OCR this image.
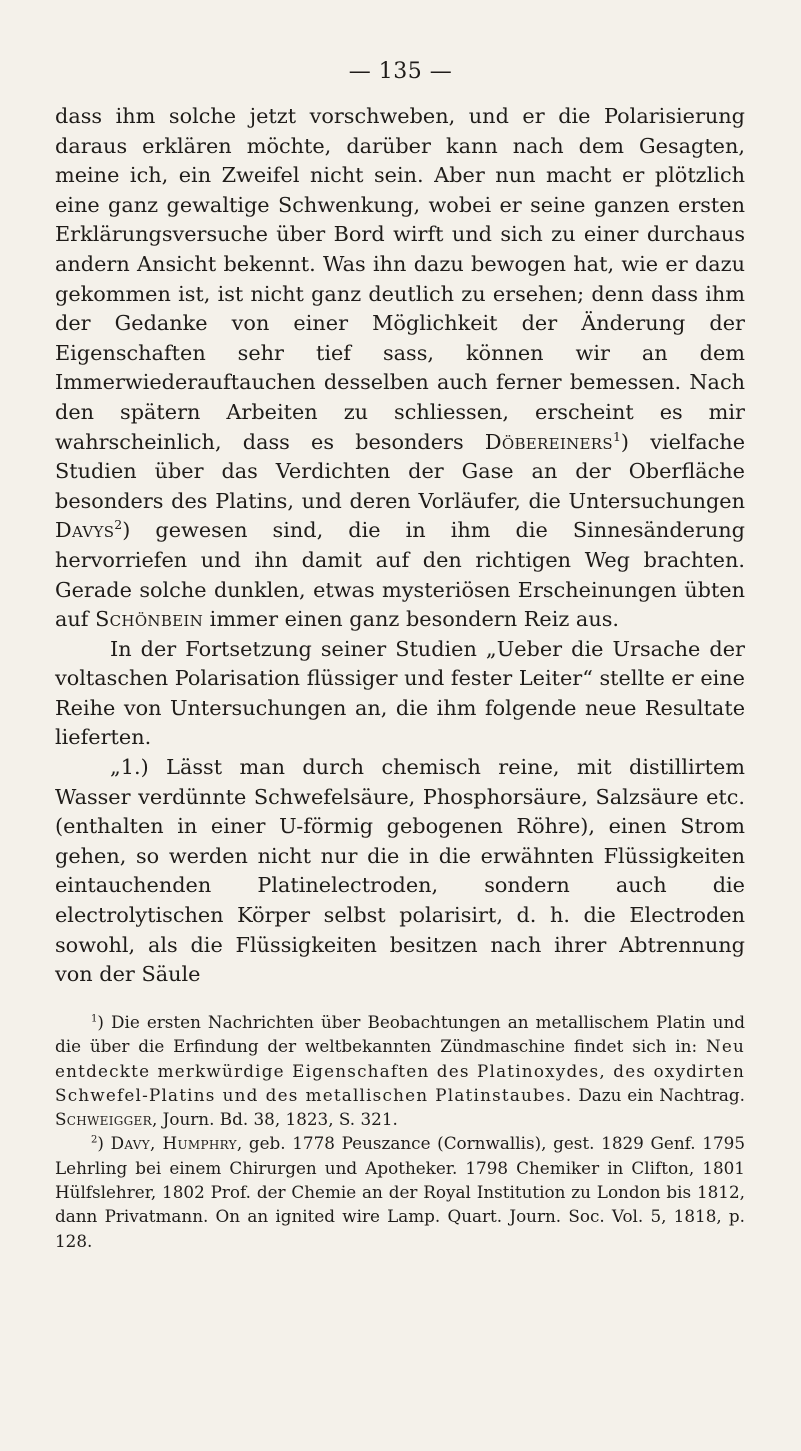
— 135 —

dass ihm solche jetzt vorschweben, und er die Polarisierung daraus erklären möchte, darüber kann nach dem Gesagten, meine ich, ein Zweifel nicht sein. Aber nun macht er plötzlich eine ganz gewaltige Schwenkung, wobei er seine ganzen ersten Erklärungsversuche über Bord wirft und sich zu einer durchaus andern Ansicht bekennt. Was ihn dazu bewogen hat, wie er dazu gekommen ist, ist nicht ganz deutlich zu ersehen; denn dass ihm der Gedanke von einer Möglichkeit der Änderung der Eigenschaften sehr tief sass, können wir an dem Immerwiederauftauchen desselben auch ferner bemessen. Nach den spätern Arbeiten zu schliessen, erscheint es mir wahrscheinlich, dass es besonders Döbereiners$^1$) vielfache Studien über das Verdichten der Gase an der Oberfläche besonders des Platins, und deren Vorläufer, die Untersuchungen Davys$^2$) gewesen sind, die in ihm die Sinnesänderung hervorriefen und ihn damit auf den richtigen Weg brachten. Gerade solche dunklen, etwas mysteriösen Erscheinungen übten auf Schönbein immer einen ganz besondern Reiz aus.

In der Fortsetzung seiner Studien „Ueber die Ursache der voltaschen Polarisation flüssiger und fester Leiter“ stellte er eine Reihe von Untersuchungen an, die ihm folgende neue Resultate lieferten.

„1.) Lässt man durch chemisch reine, mit distillirtem Wasser verdünnte Schwefelsäure, Phosphorsäure, Salzsäure etc. (enthalten in einer U-förmig gebogenen Röhre), einen Strom gehen, so werden nicht nur die in die erwähnten Flüssigkeiten eintauchenden Platinelectroden, sondern auch die electrolytischen Körper selbst polarisirt, d. h. die Electroden sowohl, als die Flüssigkeiten besitzen nach ihrer Abtrennung von der Säule

$^1$) Die ersten Nachrichten über Beobachtungen an metallischem Platin und die über die Erfindung der weltbekannten Zündmaschine findet sich in: Neu entdeckte merkwürdige Eigenschaften des Platinoxydes, des oxydirten Schwefel-Platins und des metallischen Platinstaubes. Dazu ein Nachtrag. Schweigger, Journ. Bd. 38, 1823, S. 321.

$^2$) Davy, Humphry, geb. 1778 Peuszance (Cornwallis), gest. 1829 Genf. 1795 Lehrling bei einem Chirurgen und Apotheker. 1798 Chemiker in Clifton, 1801 Hülfslehrer, 1802 Prof. der Chemie an der Royal Institution zu London bis 1812, dann Privatmann. On an ignited wire Lamp. Quart. Journ. Soc. Vol. 5, 1818, p. 128.
